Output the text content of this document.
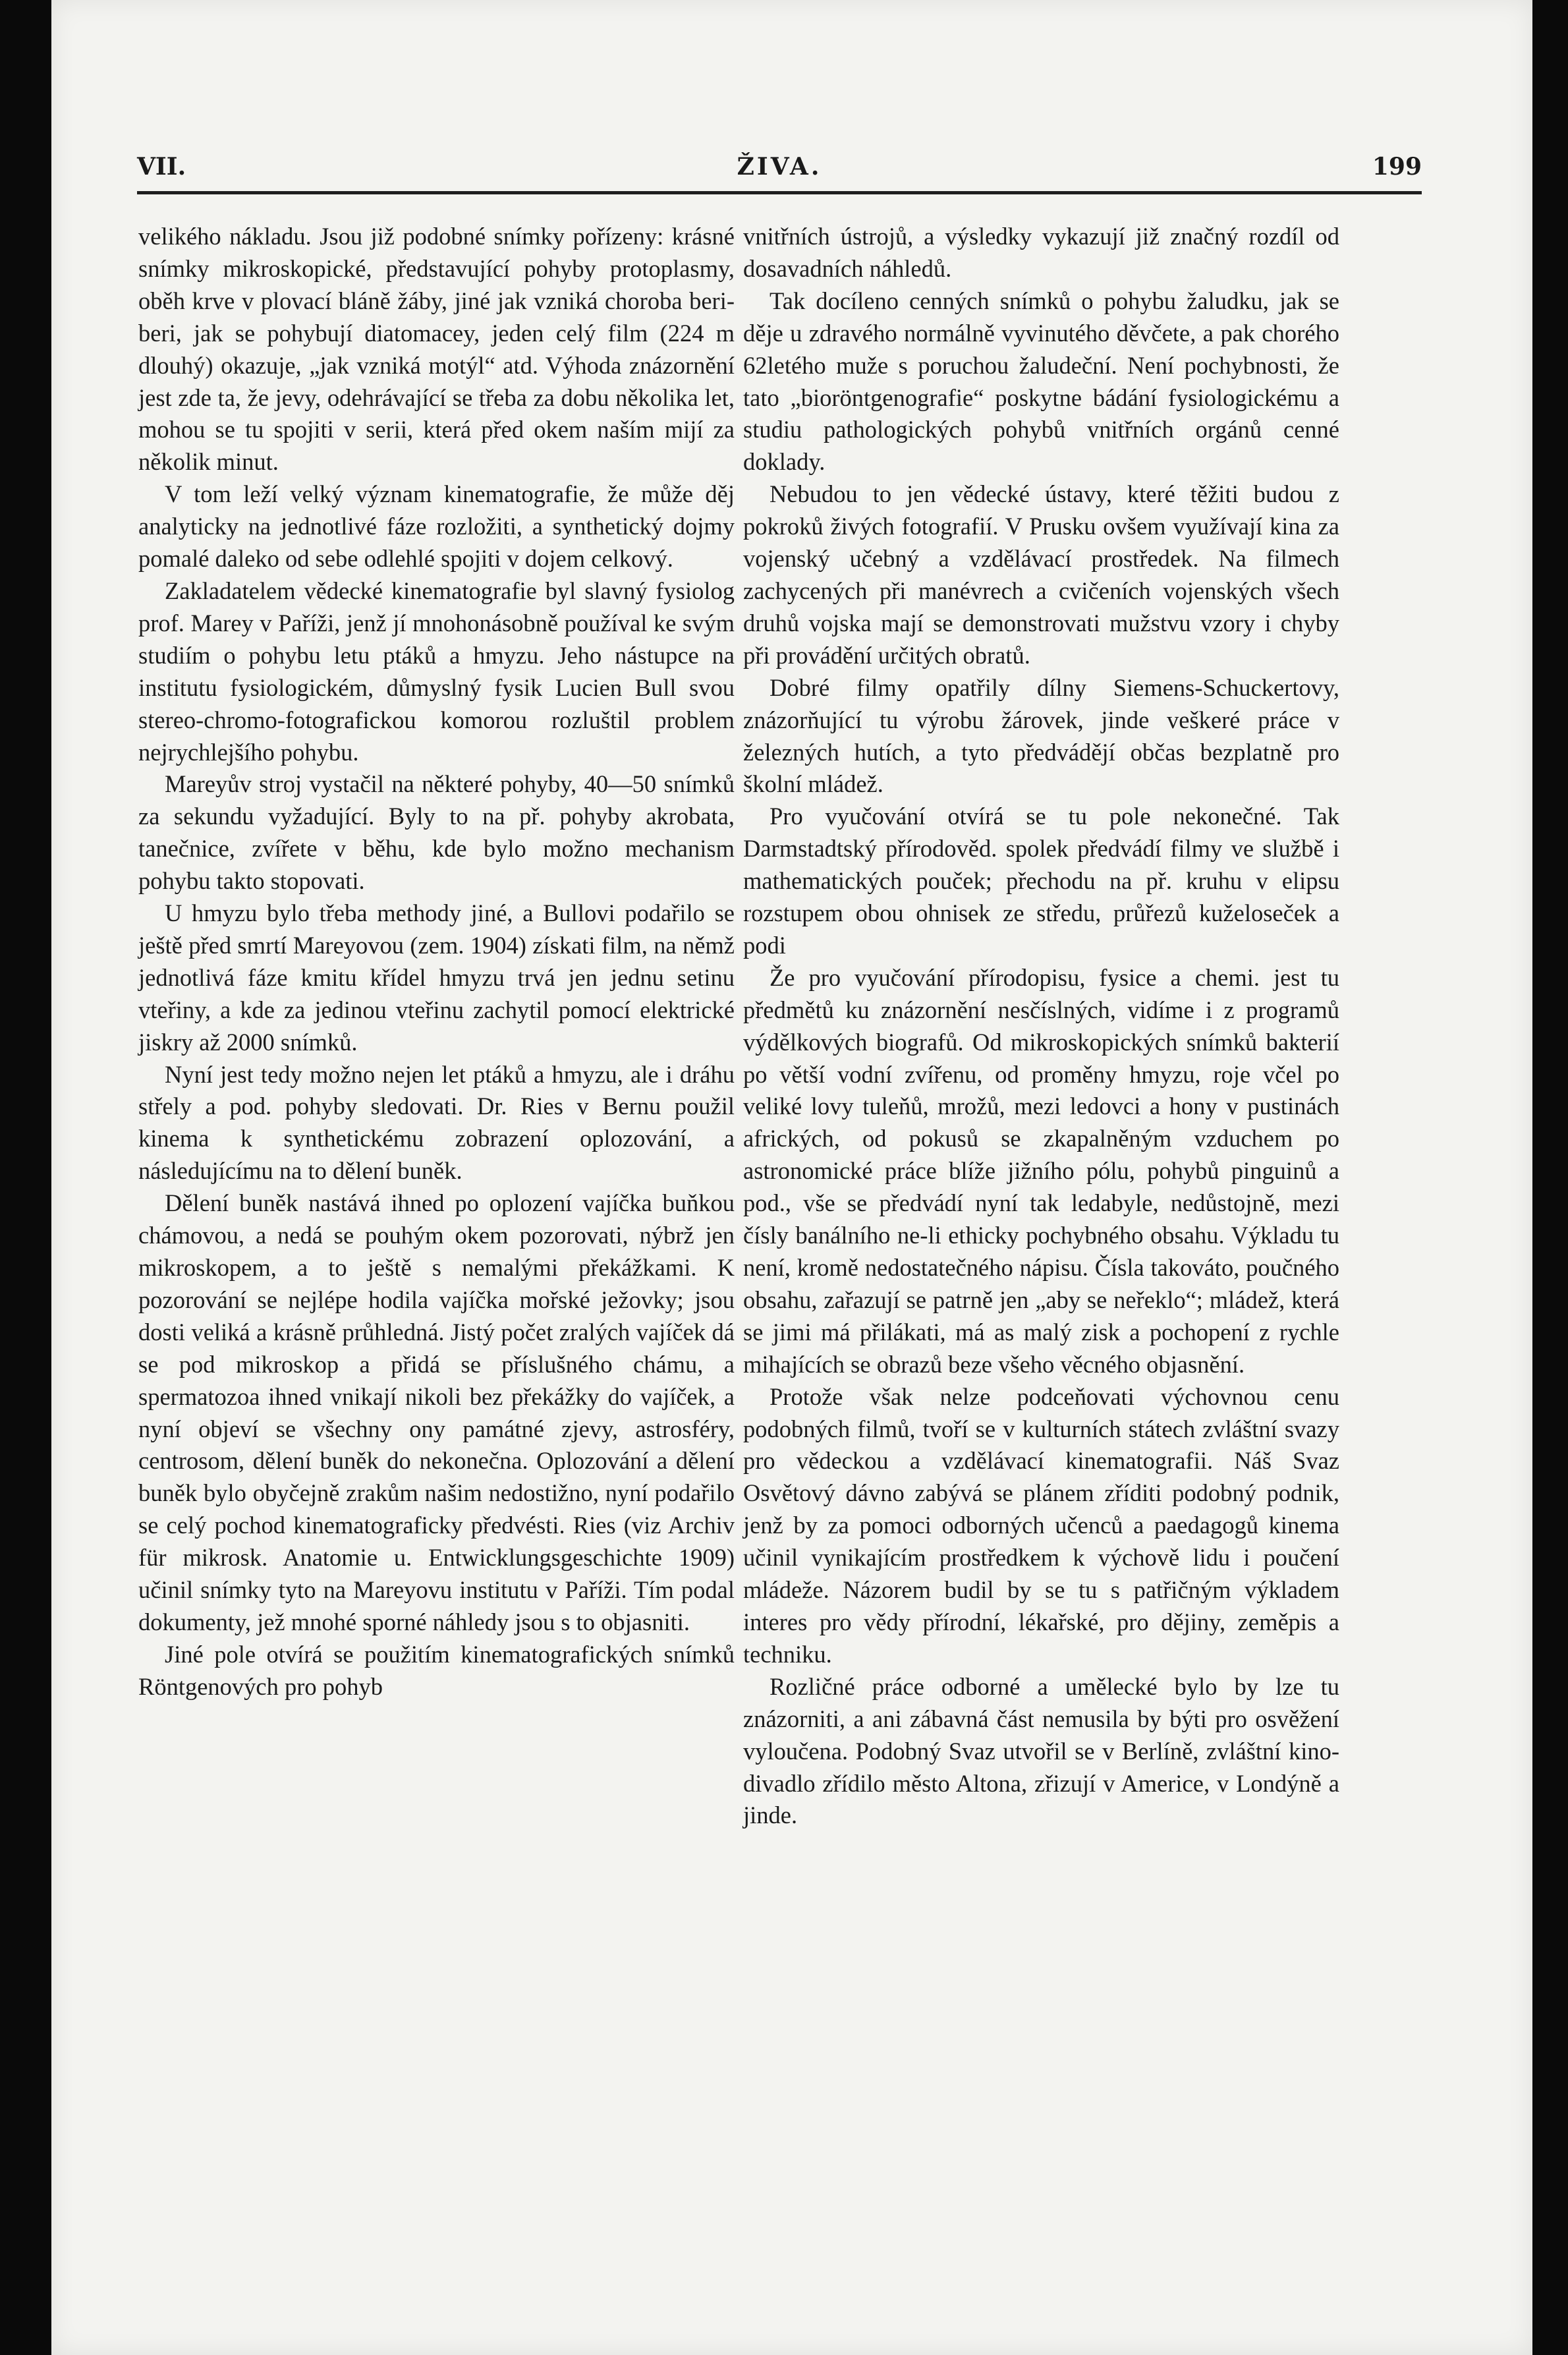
VII.	ŽIVA.	199

velikého nákladu. Jsou již podobné snímky pořízeny: krásné snímky mikroskopické, představující pohyby protoplasmy, oběh krve v plovací bláně žáby, jiné jak vzniká choroba beri-beri, jak se pohybují diatomacey, jeden celý film (224 m dlouhý) okazuje, „jak vzniká motýl“ atd. Výhoda znázornění jest zde ta, že jevy, odehrávající se třeba za dobu několika let, mohou se tu spojiti v serii, která před okem naším mijí za několik minut.

V tom leží velký význam kinematografie, že může děj analyticky na jednotlivé fáze rozložiti, a synthetický dojmy pomalé daleko od sebe odlehlé spojiti v dojem celkový.

Zakladatelem vědecké kinematografie byl slavný fysiolog prof. Marey v Paříži, jenž jí mnohonásobně používal ke svým studiím o pohybu letu ptáků a hmyzu. Jeho nástupce na institutu fysiologickém, důmyslný fysik Lucien Bull svou stereo-chromo-fotografickou komorou rozluštil problem nejrychlejšího pohybu.

Mareyův stroj vystačil na některé pohyby, 40—50 snímků za sekundu vyžadující. Byly to na př. pohyby akrobata, tanečnice, zvířete v běhu, kde bylo možno mechanism pohybu takto stopovati.

U hmyzu bylo třeba methody jiné, a Bullovi podařilo se ještě před smrtí Mareyovou (zem. 1904) získati film, na němž jednotlivá fáze kmitu křídel hmyzu trvá jen jednu setinu vteřiny, a kde za jedinou vteřinu zachytil pomocí elektrické jiskry až 2000 snímků.

Nyní jest tedy možno nejen let ptáků a hmyzu, ale i dráhu střely a pod. pohyby sledovati. Dr. Ries v Bernu použil kinema k synthetickému zobrazení oplozování, a následujícímu na to dělení buněk.

Dělení buněk nastává ihned po oplození vajíčka buňkou chámovou, a nedá se pouhým okem pozorovati, nýbrž jen mikroskopem, a to ještě s nemalými překážkami. K pozorování se nejlépe hodila vajíčka mořské ježovky; jsou dosti veliká a krásně průhledná. Jistý počet zralých vajíček dá se pod mikroskop a přidá se příslušného chámu, a spermatozoa ihned vnikají nikoli bez překážky do vajíček, a nyní objeví se všechny ony památné zjevy, astrosféry, centrosom, dělení buněk do nekonečna. Oplozování a dělení buněk bylo obyčejně zrakům našim nedostižno, nyní podařilo se celý pochod kinematograficky předvésti. Ries (viz Archiv für mikrosk. Anatomie u. Entwicklungsgeschichte 1909) učinil snímky tyto na Mareyovu institutu v Paříži. Tím podal dokumenty, jež mnohé sporné náhledy jsou s to objasniti.

Jiné pole otvírá se použitím kinematografických snímků Röntgenových pro pohyb

vnitřních ústrojů, a výsledky vykazují již značný rozdíl od dosavadních náhledů.

Tak docíleno cenných snímků o pohybu žaludku, jak se děje u zdravého normálně vyvinutého děvčete, a pak chorého 62letého muže s poruchou žaludeční. Není pochybnosti, že tato „bioröntgenografie“ poskytne bádání fysiologickému a studiu pathologických pohybů vnitřních orgánů cenné doklady.

Nebudou to jen vědecké ústavy, které těžiti budou z pokroků živých fotografií. V Prusku ovšem využívají kina za vojenský učebný a vzdělávací prostředek. Na filmech zachycených při manévrech a cvičeních vojenských všech druhů vojska mají se demonstrovati mužstvu vzory i chyby při provádění určitých obratů.

Dobré filmy opatřily dílny Siemens-Schuckertovy, znázorňující tu výrobu žárovek, jinde veškeré práce v železných hutích, a tyto předvádějí občas bezplatně pro školní mládež.

Pro vyučování otvírá se tu pole nekonečné. Tak Darmstadtský přírodověd. spolek předvádí filmy ve službě i mathematických pouček; přechodu na př. kruhu v elipsu rozstupem obou ohnisek ze středu, průřezů kuželoseček a podi

Že pro vyučování přírodopisu, fysice a chemi. jest tu předmětů ku znázornění nesčíslných, vidíme i z programů výdělkových biografů. Od mikroskopických snímků bakterií po větší vodní zvířenu, od proměny hmyzu, roje včel po veliké lovy tuleňů, mrožů, mezi ledovci a hony v pustinách afrických, od pokusů se zkapalněným vzduchem po astronomické práce blíže jižního pólu, pohybů pinguinů a pod., vše se předvádí nyní tak ledabyle, nedůstojně, mezi čísly banálního ne-li ethicky pochybného obsahu. Výkladu tu není, kromě nedostatečného nápisu. Čísla takováto, poučného obsahu, zařazují se patrně jen „aby se neřeklo“; mládež, která se jimi má přilákati, má as malý zisk a pochopení z rychle mihajících se obrazů beze všeho věcného objasnění.

Protože však nelze podceňovati výchovnou cenu podobných filmů, tvoří se v kulturních státech zvláštní svazy pro vědeckou a vzdělávací kinematografii. Náš Svaz Osvětový dávno zabývá se plánem zříditi podobný podnik, jenž by za pomoci odborných učenců a paedagogů kinema učinil vynikajícím prostředkem k výchově lidu i poučení mládeže. Názorem budil by se tu s patřičným výkladem interes pro vědy přírodní, lékařské, pro dějiny, zeměpis a techniku.

Rozličné práce odborné a umělecké bylo by lze tu znázorniti, a ani zábavná část nemusila by býti pro osvěžení vyloučena. Podobný Svaz utvořil se v Berlíně, zvláštní kino-divadlo zřídilo město Altona, zřizují v Americe, v Londýně a jinde.
